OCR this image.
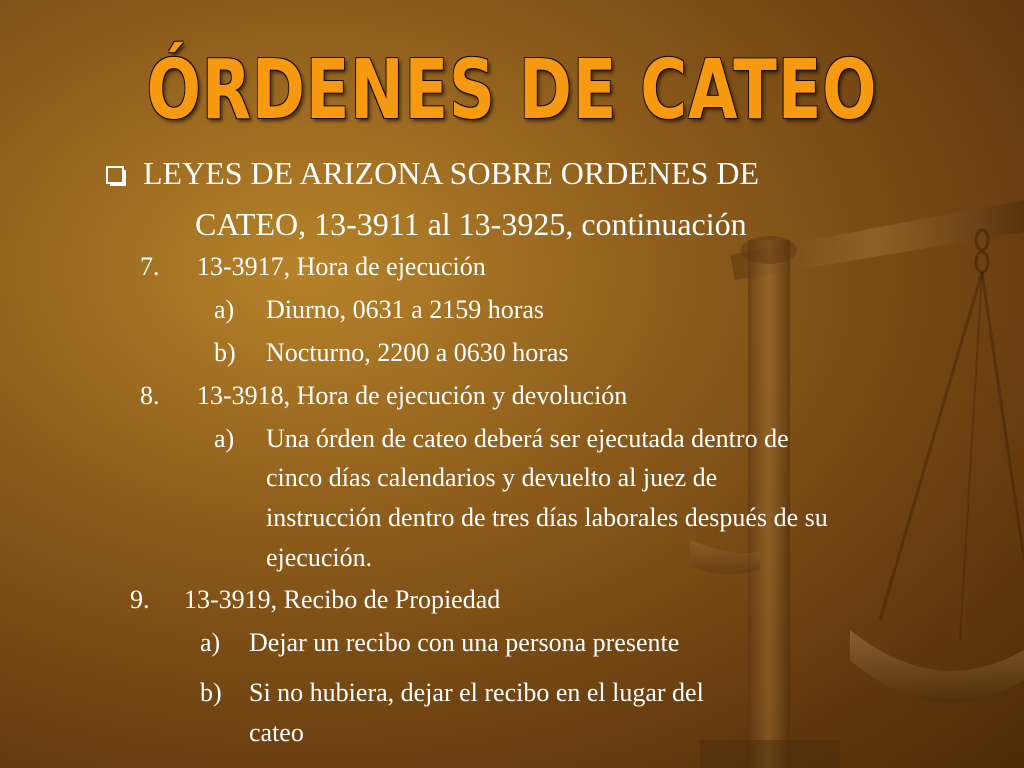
ÓRDENES DE CATEO
LEYES DE ARIZONA SOBRE ORDENES DE
CATEO, 13-3911 al 13-3925, continuación
7. 13-3917, Hora de ejecución
a) Diurno, 0631 a 2159 horas
b) Nocturno, 2200 a 0630 horas
8. 13-3918, Hora de ejecución y devolución
a) Una órden de cateo deberá ser ejecutada dentro de
cinco días calendarios y devuelto al juez de
instrucción dentro de tres días laborales después de su
ejecución.
9. 13-3919, Recibo de Propiedad
a) Dejar un recibo con una persona presente
b) Si no hubiera, dejar el recibo en el lugar del
cateo
